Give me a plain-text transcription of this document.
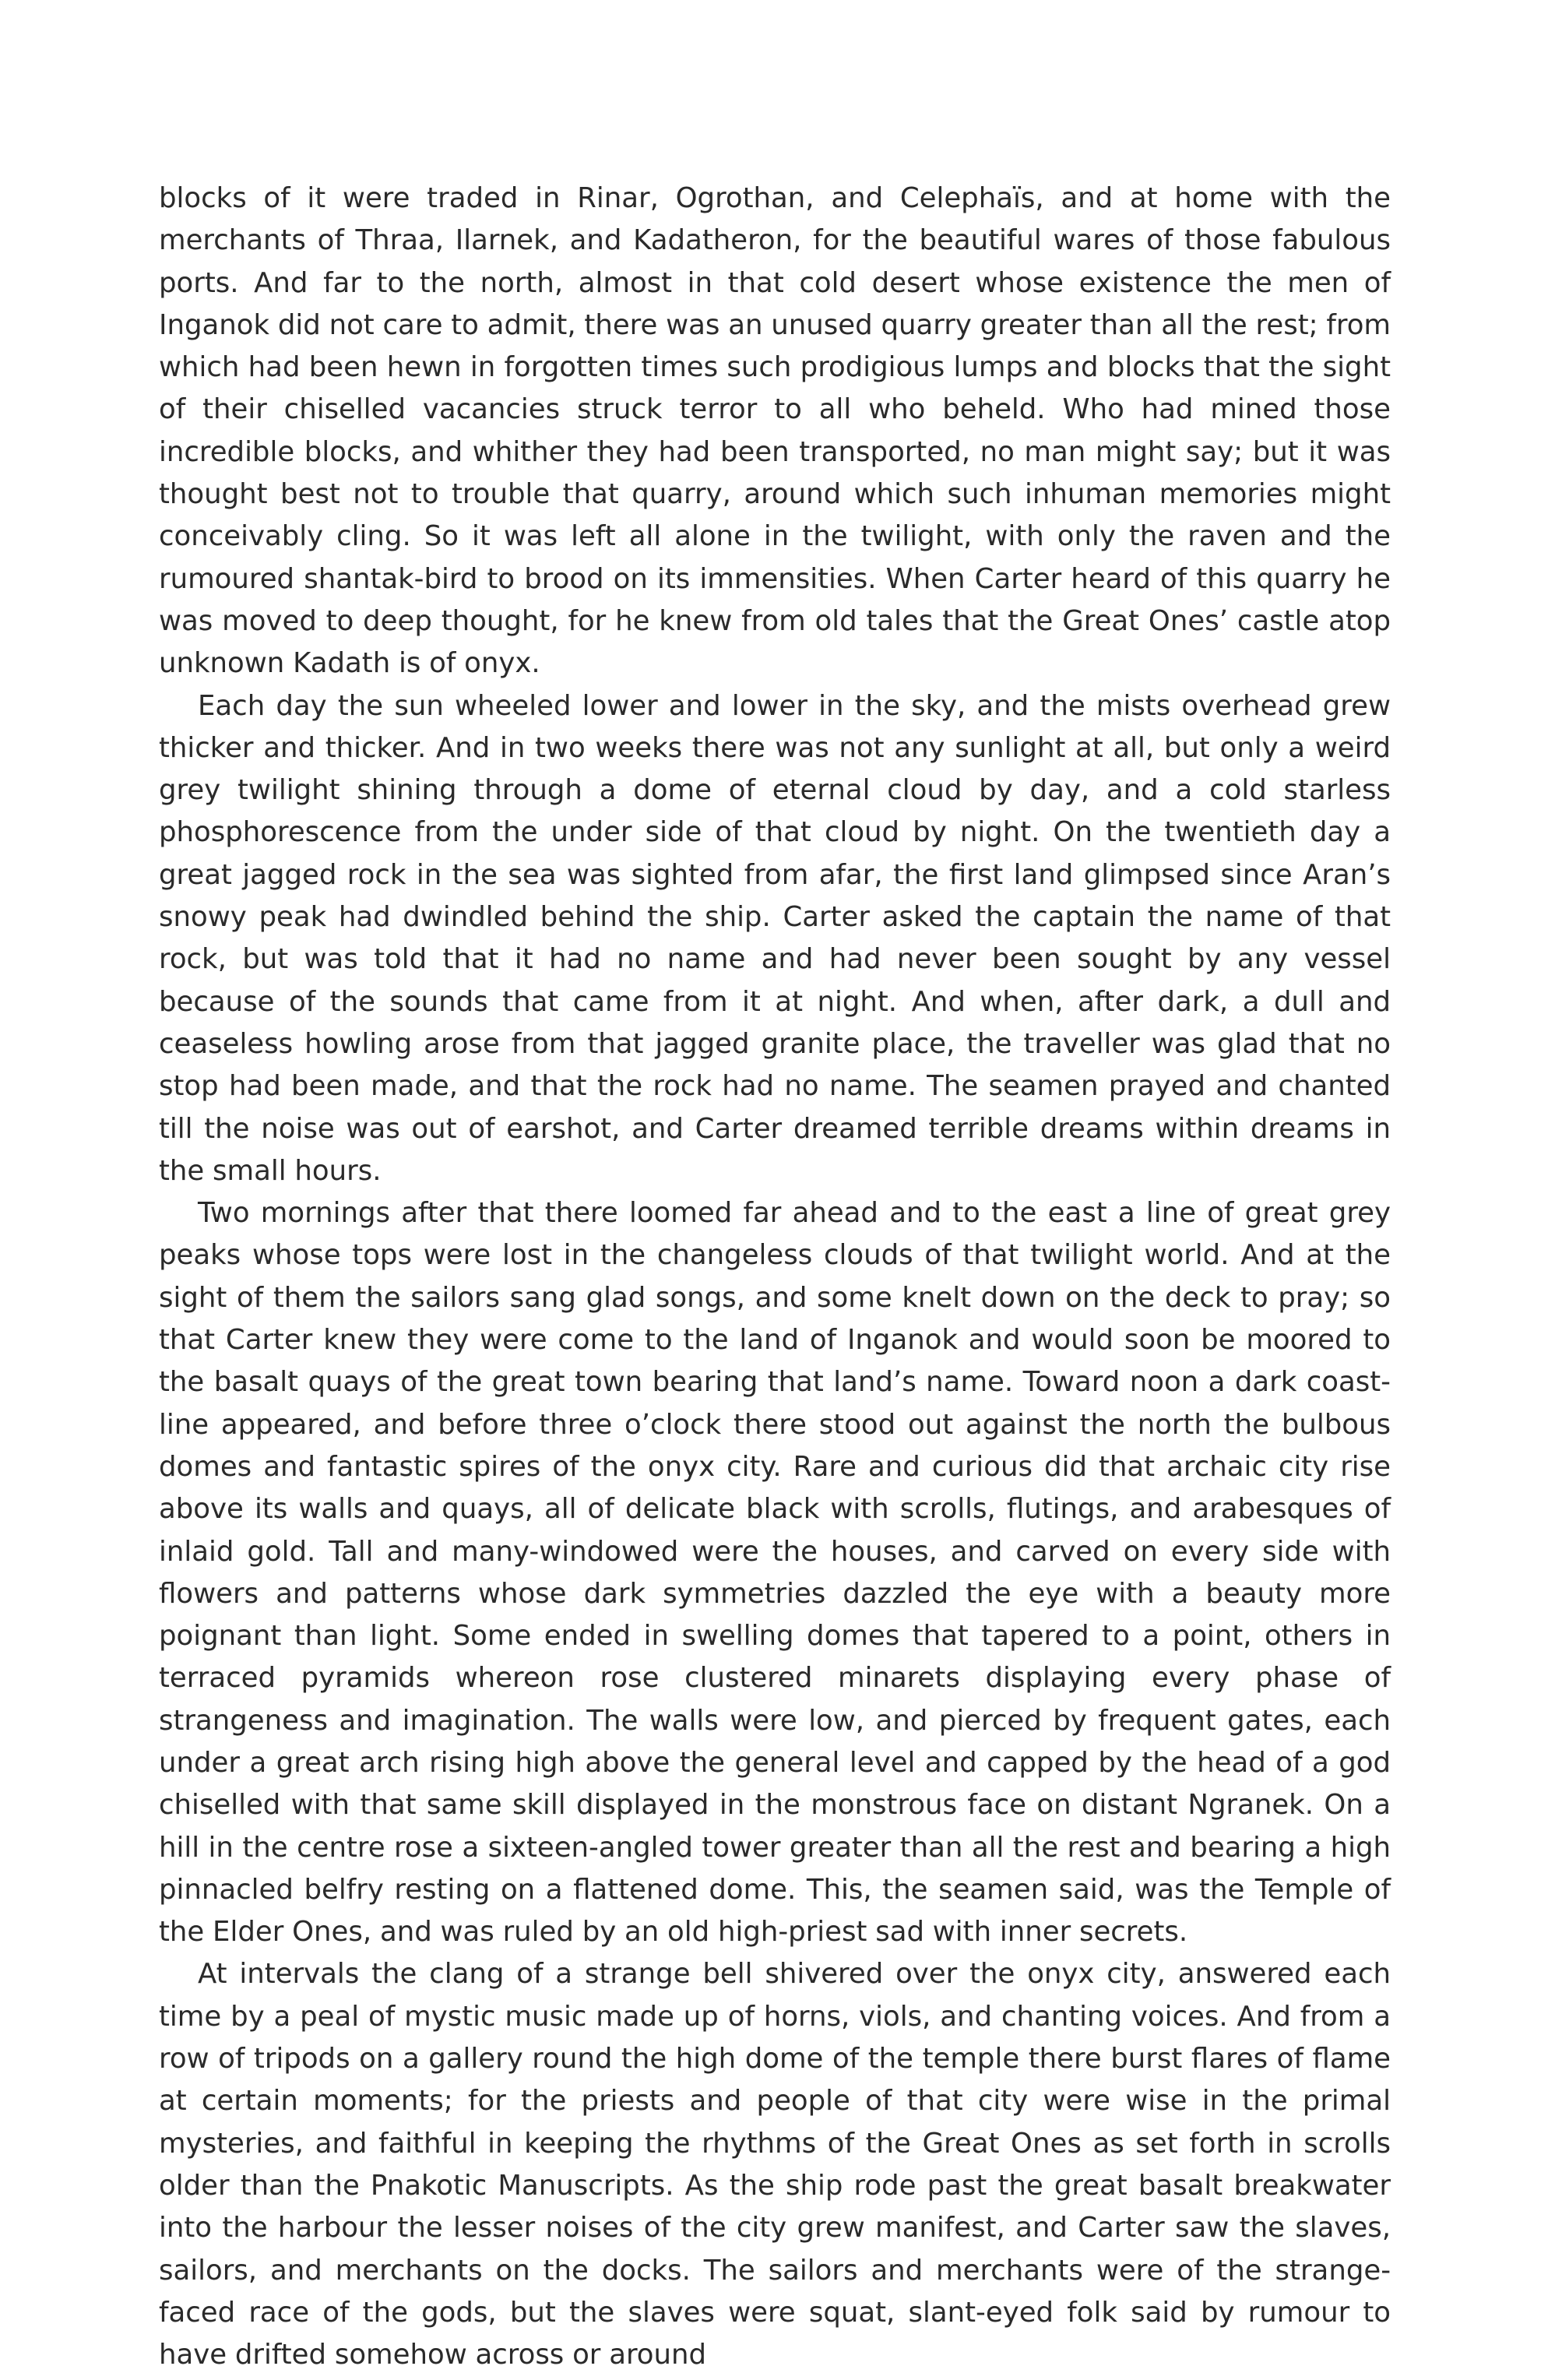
blocks of it were traded in Rinar, Ogrothan, and Celephaïs, and at home with the merchants of Thraa, Ilarnek, and Kadatheron, for the beautiful wares of those fabulous ports. And far to the north, almost in that cold desert whose existence the men of Inganok did not care to admit, there was an unused quarry greater than all the rest; from which had been hewn in forgotten times such prodigious lumps and blocks that the sight of their chiselled vacancies struck terror to all who beheld. Who had mined those incredible blocks, and whither they had been transported, no man might say; but it was thought best not to trouble that quarry, around which such inhuman memories might conceivably cling. So it was left all alone in the twilight, with only the raven and the rumoured shantak-bird to brood on its immensities. When Carter heard of this quarry he was moved to deep thought, for he knew from old tales that the Great Ones’ castle atop unknown Kadath is of onyx.

Each day the sun wheeled lower and lower in the sky, and the mists overhead grew thicker and thicker. And in two weeks there was not any sunlight at all, but only a weird grey twilight shining through a dome of eternal cloud by day, and a cold starless phosphorescence from the under side of that cloud by night. On the twentieth day a great jagged rock in the sea was sighted from afar, the first land glimpsed since Aran’s snowy peak had dwindled behind the ship. Carter asked the captain the name of that rock, but was told that it had no name and had never been sought by any vessel because of the sounds that came from it at night. And when, after dark, a dull and ceaseless howling arose from that jagged granite place, the traveller was glad that no stop had been made, and that the rock had no name. The seamen prayed and chanted till the noise was out of earshot, and Carter dreamed terrible dreams within dreams in the small hours.

Two mornings after that there loomed far ahead and to the east a line of great grey peaks whose tops were lost in the changeless clouds of that twilight world. And at the sight of them the sailors sang glad songs, and some knelt down on the deck to pray; so that Carter knew they were come to the land of Inganok and would soon be moored to the basalt quays of the great town bearing that land’s name. Toward noon a dark coast-line appeared, and before three o’clock there stood out against the north the bulbous domes and fantastic spires of the onyx city. Rare and curious did that archaic city rise above its walls and quays, all of delicate black with scrolls, flutings, and arabesques of inlaid gold. Tall and many-windowed were the houses, and carved on every side with flowers and patterns whose dark symmetries dazzled the eye with a beauty more poignant than light. Some ended in swelling domes that tapered to a point, others in terraced pyramids whereon rose clustered minarets displaying every phase of strangeness and imagination. The walls were low, and pierced by frequent gates, each under a great arch rising high above the general level and capped by the head of a god chiselled with that same skill displayed in the monstrous face on distant Ngranek. On a hill in the centre rose a sixteen-angled tower greater than all the rest and bearing a high pinnacled belfry resting on a flattened dome. This, the seamen said, was the Temple of the Elder Ones, and was ruled by an old high-priest sad with inner secrets.

At intervals the clang of a strange bell shivered over the onyx city, answered each time by a peal of mystic music made up of horns, viols, and chanting voices. And from a row of tripods on a gallery round the high dome of the temple there burst flares of flame at certain moments; for the priests and people of that city were wise in the primal mysteries, and faithful in keeping the rhythms of the Great Ones as set forth in scrolls older than the Pnakotic Manuscripts. As the ship rode past the great basalt breakwater into the harbour the lesser noises of the city grew manifest, and Carter saw the slaves, sailors, and merchants on the docks. The sailors and merchants were of the strange-faced race of the gods, but the slaves were squat, slant-eyed folk said by rumour to have drifted somehow across or around
